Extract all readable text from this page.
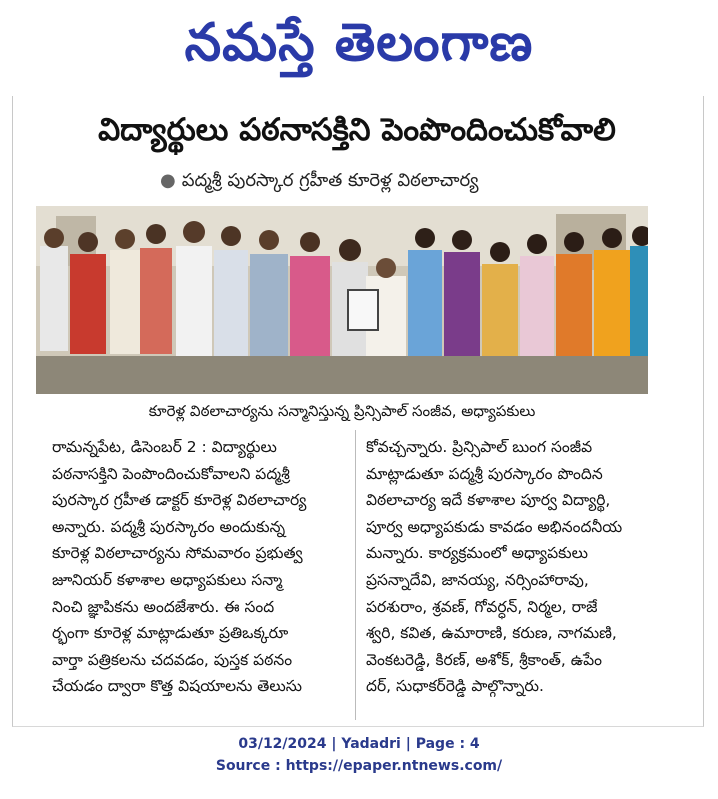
నమస్తే తెలంగాణ
విద్యార్థులు పఠనాసక్తిని పెంపొందించుకోవాలి
● పద్మశ్రీ పురస్కార గ్రహీత కూరెళ్ల విఠలాచార్య
కూరెళ్ల విఠలాచార్యను సన్మానిస్తున్న ప్రిన్సిపాల్‌ సంజీవ, అధ్యాపకులు
రామన్నపేట, డిసెంబర్‌ 2 : విద్యార్థులు
పఠనాసక్తిని పెంపొందించుకోవాలని పద్మశ్రీ
పురస్కార గ్రహీత డాక్టర్‌ కూరెళ్ల విఠలాచార్య
అన్నారు. పద్మశ్రీ పురస్కారం అందుకున్న
కూరెళ్ల విఠలాచార్యను సోమవారం ప్రభుత్వ
జూనియర్‌ కళాశాల అధ్యాపకులు సన్మా
నించి జ్ఞాపికను అందజేశారు. ఈ సంద
ర్భంగా కూరెళ్ల మాట్లాడుతూ ప్రతిఒక్కరూ
వార్తా పత్రికలను చదవడం, పుస్తక పఠనం
చేయడం ద్వారా కొత్త విషయాలను తెలుసు
కోవచ్చన్నారు. ప్రిన్సిపాల్‌ బుంగ సంజీవ
మాట్లాడుతూ పద్మశ్రీ పురస్కారం పొందిన
విఠలాచార్య ఇదే కళాశాల పూర్వ విద్యార్థి,
పూర్వ అధ్యాపకుడు కావడం అభినందనీయ
మన్నారు. కార్యక్రమంలో అధ్యాపకులు
ప్రసన్నాదేవి, జానయ్య, నర్సింహారావు,
పరశురాం, శ్రవణ్‌, గోవర్ధన్‌, నిర్మల, రాజే
శ్వరి, కవిత, ఉమారాణి, కరుణ, నాగమణి,
వెంకటరెడ్డి, కిరణ్‌, అశోక్‌, శ్రీకాంత్‌, ఉపేం
దర్‌, సుధాకర్‌రెడ్డి పాల్గొన్నారు.
03/12/2024 | Yadadri | Page : 4
Source : https://epaper.ntnews.com/
